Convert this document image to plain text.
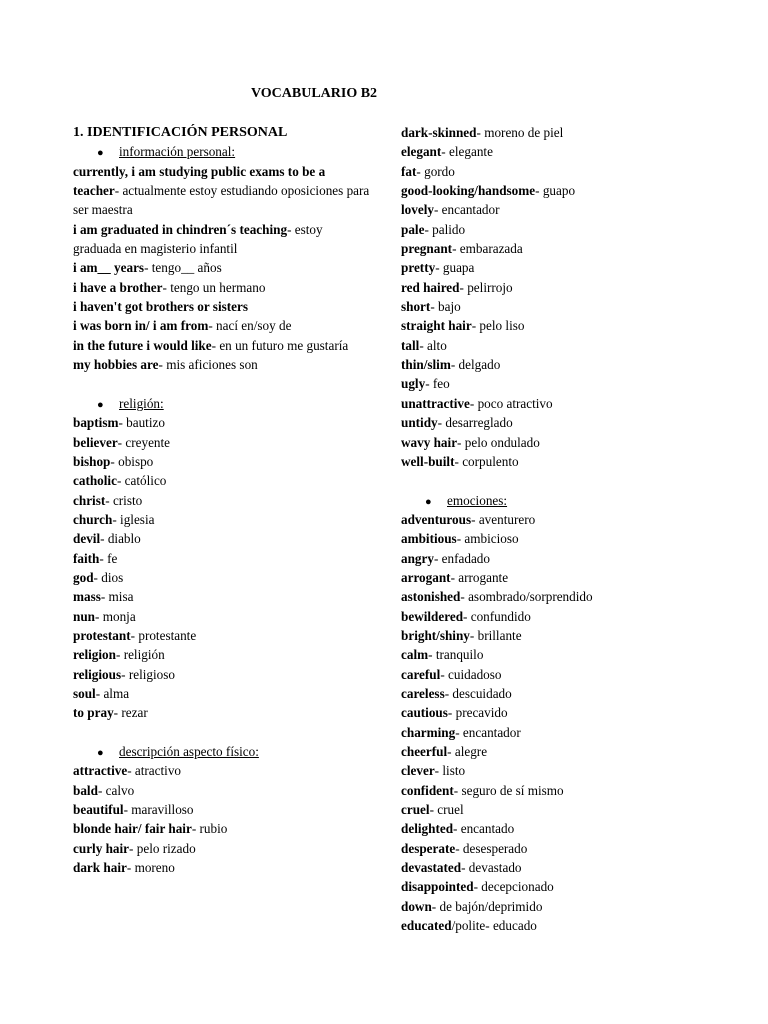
VOCABULARIO B2
1. IDENTIFICACIÓN PERSONAL
● información personal:
currently, i am studying public exams to be a teacher- actualmente estoy estudiando oposiciones para ser maestra
i am graduated in chindren´s teaching- estoy graduada en magisterio infantil
i am__ years- tengo__ años
i have a brother- tengo un hermano
i haven't got brothers or sisters
i was born in/ i am from- nací en/soy de
in the future i would like- en un futuro me gustaría
my hobbies are- mis aficiones son
● religión:
baptism- bautizo
believer- creyente
bishop- obispo
catholic- católico
christ- cristo
church- iglesia
devil- diablo
faith- fe
god- dios
mass- misa
nun- monja
protestant- protestante
religion- religión
religious- religioso
soul- alma
to pray- rezar
● descripción aspecto físico:
attractive- atractivo
bald- calvo
beautiful- maravilloso
blonde hair/ fair hair- rubio
curly hair- pelo rizado
dark hair- moreno
dark-skinned- moreno de piel
elegant- elegante
fat- gordo
good-looking/handsome- guapo
lovely- encantador
pale- palido
pregnant- embarazada
pretty- guapa
red haired- pelirrojo
short- bajo
straight hair- pelo liso
tall- alto
thin/slim- delgado
ugly- feo
unattractive- poco atractivo
untidy- desarreglado
wavy hair- pelo ondulado
well-built- corpulento
● emociones:
adventurous- aventurero
ambitious- ambicioso
angry- enfadado
arrogant- arrogante
astonished- asombrado/sorprendido
bewildered- confundido
bright/shiny- brillante
calm- tranquilo
careful- cuidadoso
careless- descuidado
cautious- precavido
charming- encantador
cheerful- alegre
clever- listo
confident- seguro de sí mismo
cruel- cruel
delighted- encantado
desperate- desesperado
devastated- devastado
disappointed- decepcionado
down- de bajón/deprimido
educated/polite- educado
